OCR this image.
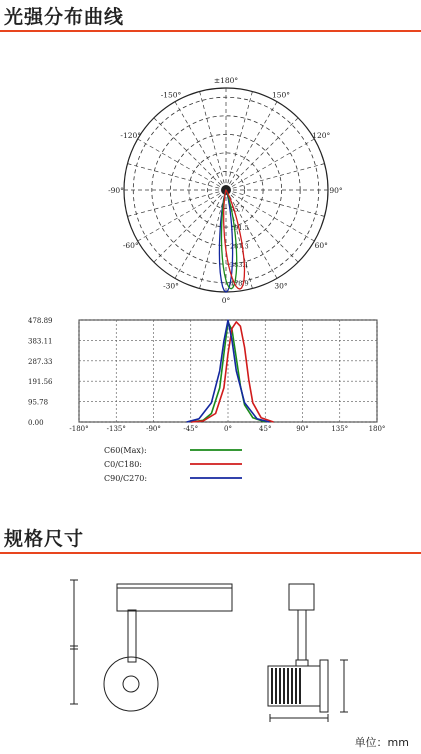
光强分布曲线
±180°
150°
120°
90°
60°
30°
0°
-30°
-60°
-90°
-120°
-150°
95.7
191.5
287.3
383.1
478.9
0.00
95.78
191.56
287.33
383.11
478.89
-180°	-135°	-90°	-45°	0°	45°	90°	135°	180°
C60(Max):
C0/C180:
C90/C270:
规格尺寸
单位：mm
